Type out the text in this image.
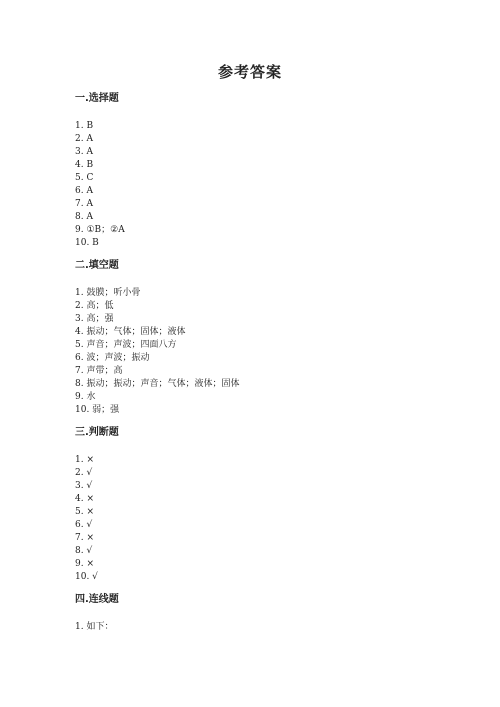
参考答案
一.选择题
1. B
2. A
3. A
4. B
5. C
6. A
7. A
8. A
9. ①B；②A
10. B
二.填空题
1. 鼓膜；听小骨
2. 高；低
3. 高；强
4. 振动；气体；固体；液体
5. 声音；声波；四面八方
6. 波；声波；振动
7. 声带；高
8. 振动；振动；声音；气体；液体；固体
9. 水
10. 弱；强
三.判断题
1. ×
2. √
3. √
4. ×
5. ×
6. √
7. ×
8. √
9. ×
10. √
四.连线题
1. 如下：
